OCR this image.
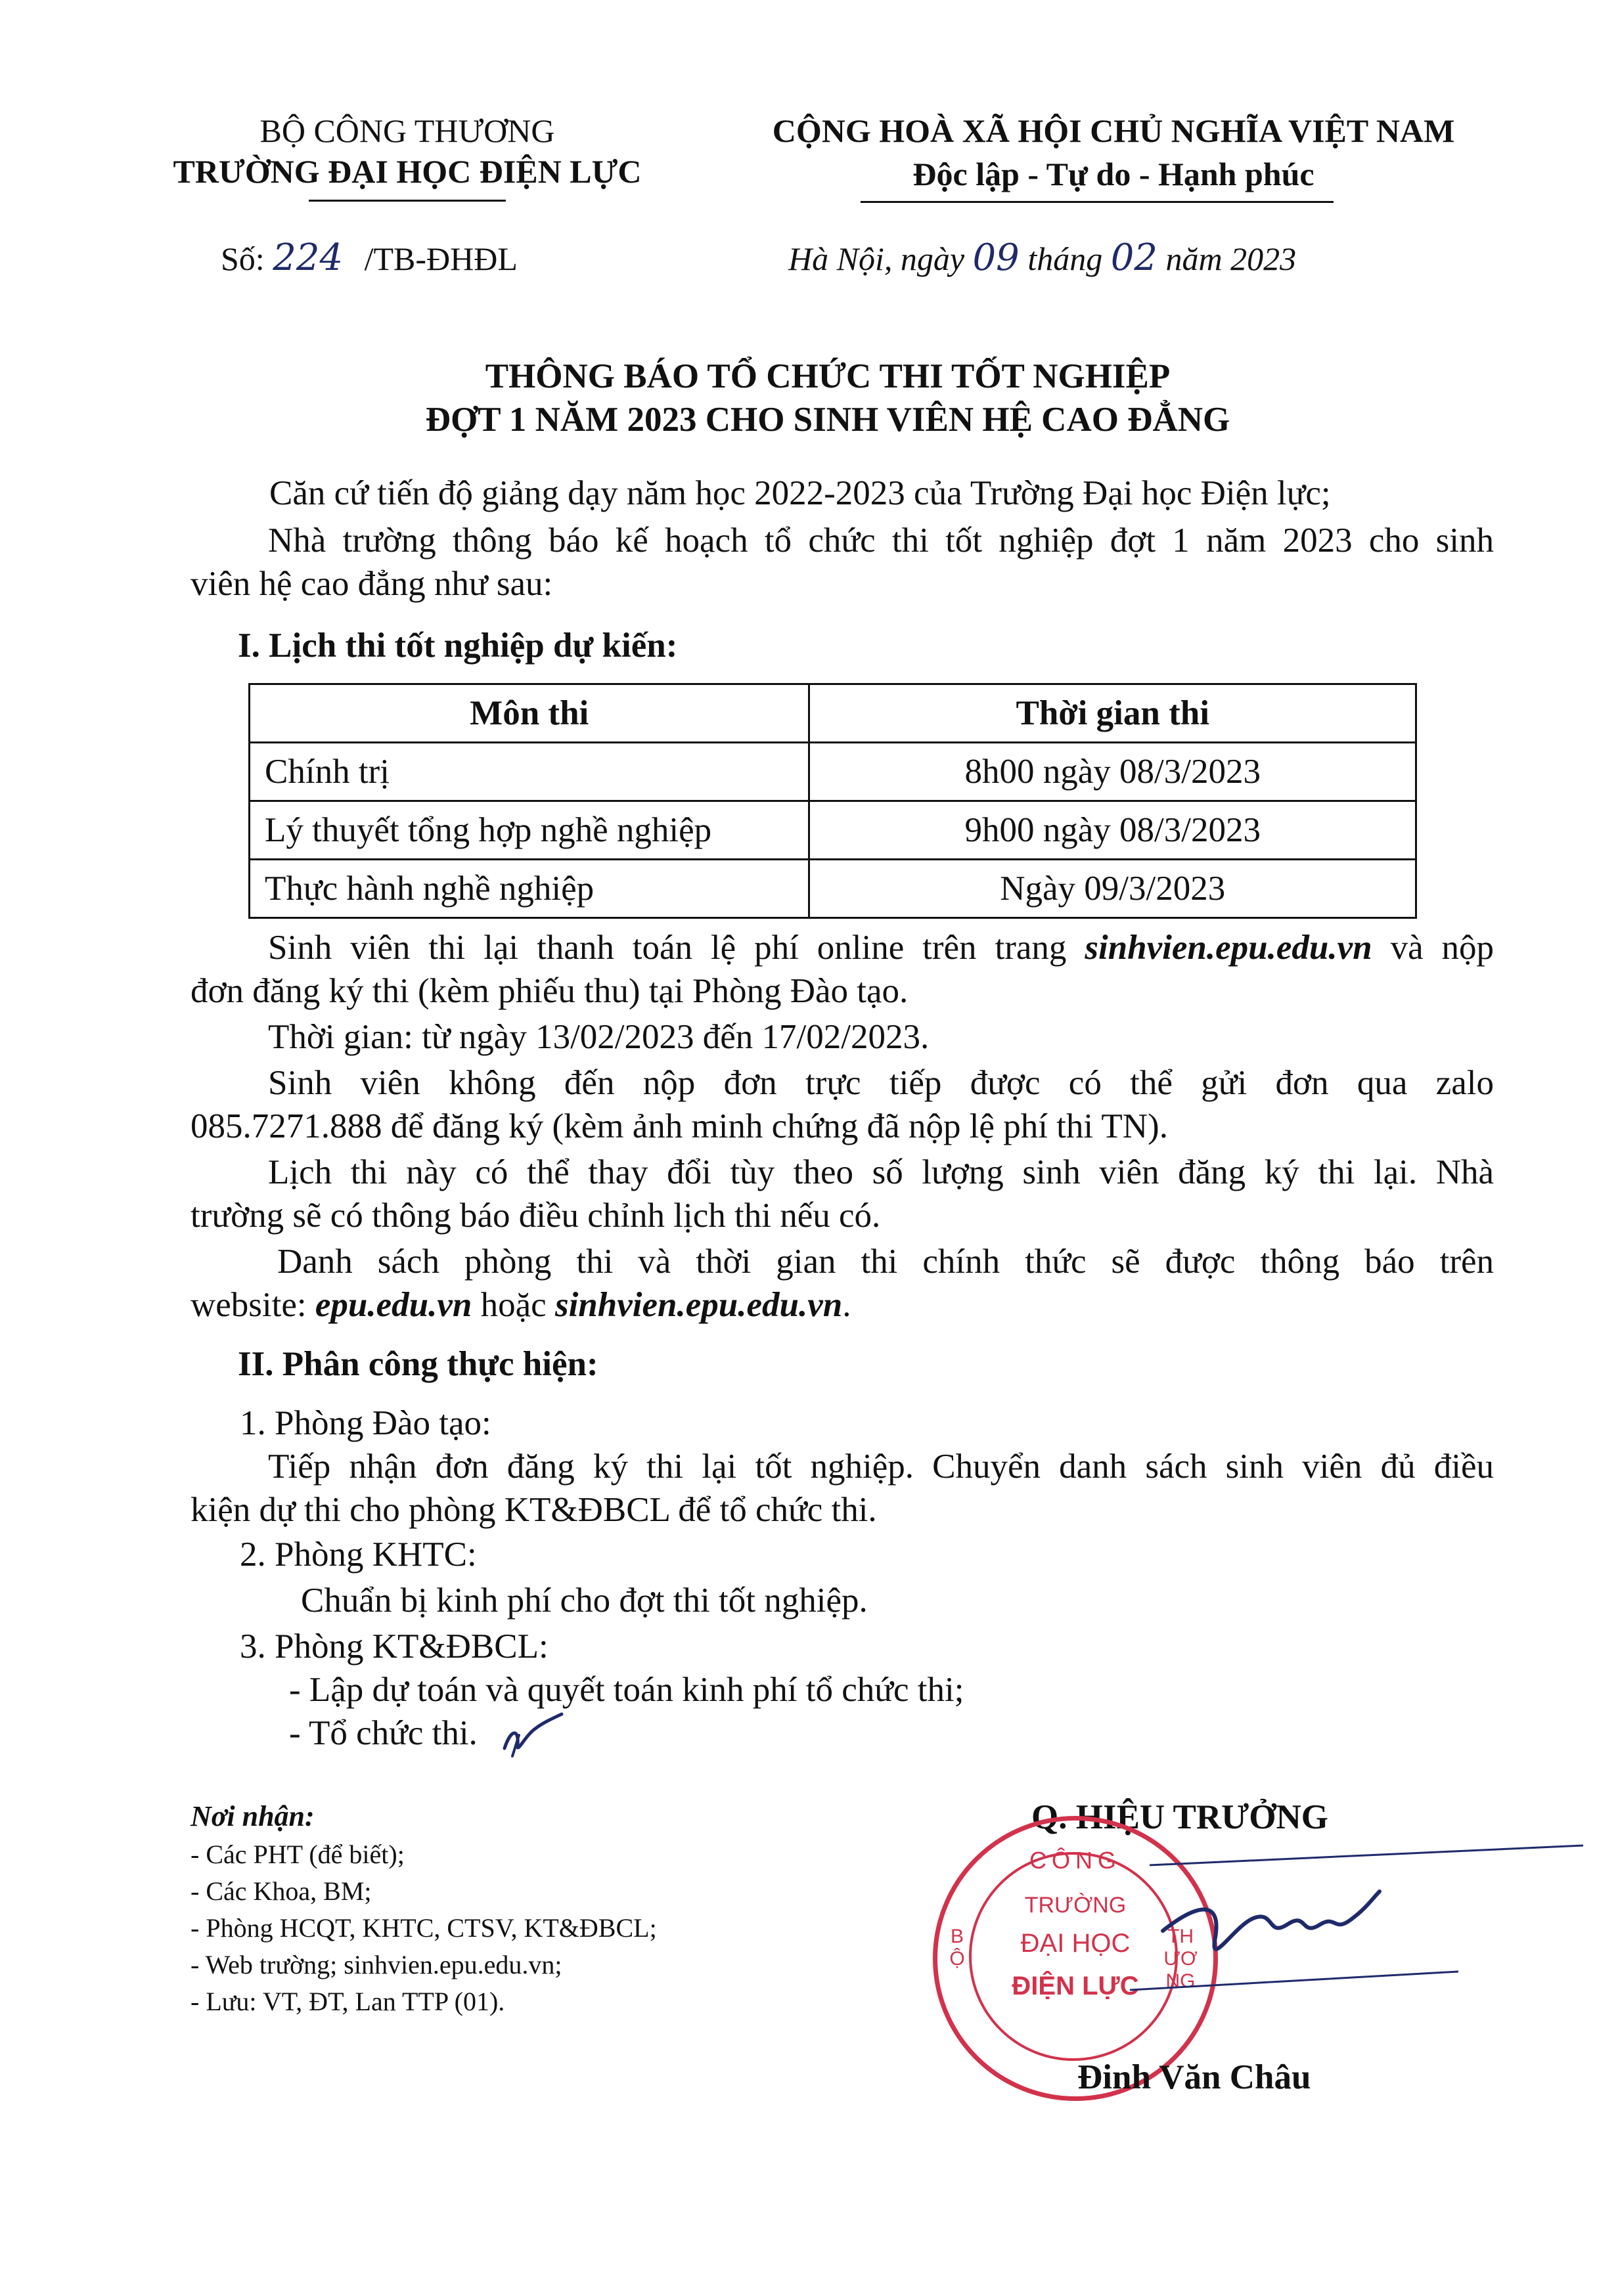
BỘ CÔNG THƯƠNG
TRƯỜNG ĐẠI HỌC ĐIỆN LỰC
CỘNG HOÀ XÃ HỘI CHỦ NGHĨA VIỆT NAM
Độc lập - Tự do - Hạnh phúc
Số: 224 /TB-ĐHĐL	Hà Nội, ngày 09 tháng 02 năm 2023
THÔNG BÁO TỔ CHỨC THI TỐT NGHIỆP
ĐỢT 1 NĂM 2023 CHO SINH VIÊN HỆ CAO ĐẲNG
Căn cứ tiến độ giảng dạy năm học 2022-2023 của Trường Đại học Điện lực;
Nhà trường thông báo kế hoạch tổ chức thi tốt nghiệp đợt 1 năm 2023 cho sinh
viên hệ cao đẳng như sau:
I. Lịch thi tốt nghiệp dự kiến:
Môn thi	Thời gian thi
Chính trị	8h00 ngày 08/3/2023
Lý thuyết tổng hợp nghề nghiệp	9h00 ngày 08/3/2023
Thực hành nghề nghiệp	Ngày 09/3/2023
Sinh viên thi lại thanh toán lệ phí online trên trang sinhvien.epu.edu.vn và nộp
đơn đăng ký thi (kèm phiếu thu) tại Phòng Đào tạo.
Thời gian: từ ngày 13/02/2023 đến 17/02/2023.
Sinh viên không đến nộp đơn trực tiếp được có thể gửi đơn qua zalo
085.7271.888 để đăng ký (kèm ảnh minh chứng đã nộp lệ phí thi TN).
Lịch thi này có thể thay đổi tùy theo số lượng sinh viên đăng ký thi lại. Nhà
trường sẽ có thông báo điều chỉnh lịch thi nếu có.
Danh sách phòng thi và thời gian thi chính thức sẽ được thông báo trên
website: epu.edu.vn hoặc sinhvien.epu.edu.vn.
II. Phân công thực hiện:
1. Phòng Đào tạo:
Tiếp nhận đơn đăng ký thi lại tốt nghiệp. Chuyển danh sách sinh viên đủ điều
kiện dự thi cho phòng KT&ĐBCL để tổ chức thi.
2. Phòng KHTC:
Chuẩn bị kinh phí cho đợt thi tốt nghiệp.
3. Phòng KT&ĐBCL:
- Lập dự toán và quyết toán kinh phí tổ chức thi;
- Tổ chức thi.
Nơi nhận:
- Các PHT (để biết);
- Các Khoa, BM;
- Phòng HCQT, KHTC, CTSV, KT&ĐBCL;
- Web trường; sinhvien.epu.edu.vn;
- Lưu: VT, ĐT, Lan TTP (01).
Q. HIỆU TRƯỞNG
CÔNG
THƯƠNG
BỘ
TRƯỜNG
ĐẠI HỌC
ĐIỆN LỰC
Đinh Văn Châu
